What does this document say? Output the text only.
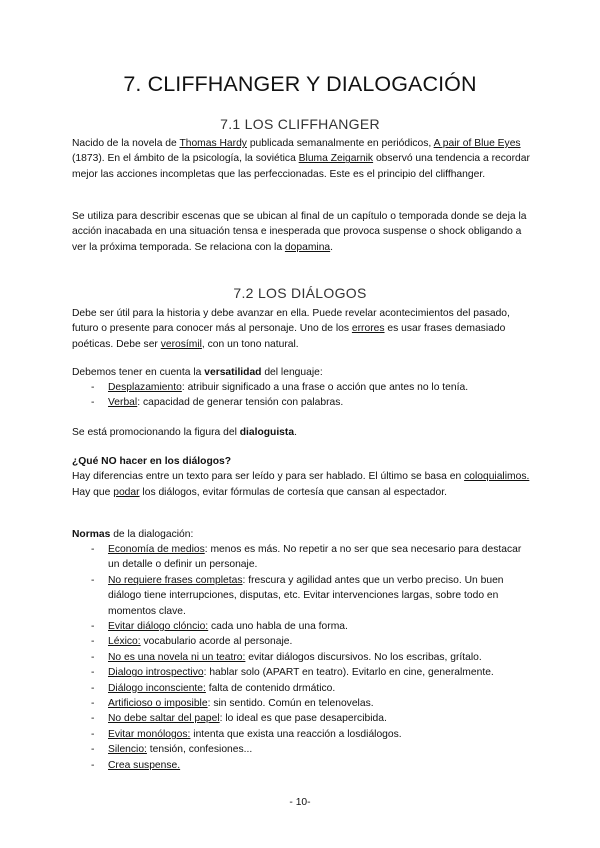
7. CLIFFHANGER Y DIALOGACIÓN
7.1 LOS CLIFFHANGER

Nacido de la novela de Thomas Hardy publicada semanalmente en periódicos, A pair of Blue Eyes (1873). En el ámbito de la psicología, la soviética Bluma Zeigarnik observó una tendencia a recordar mejor las acciones incompletas que las perfeccionadas. Este es el principio del cliffhanger.

Se utiliza para describir escenas que se ubican al final de un capítulo o temporada donde se deja la acción inacabada en una situación tensa e inesperada que provoca suspense o shock obligando a ver la próxima temporada. Se relaciona con la dopamina.

7.2 LOS DIÁLOGOS

Debe ser útil para la historia y debe avanzar en ella. Puede revelar acontecimientos del pasado, futuro o presente para conocer más al personaje. Uno de los errores es usar frases demasiado poéticas. Debe ser verosímil, con un tono natural.

Debemos tener en cuenta la versatilidad del lenguaje:

- Desplazamiento: atribuir significado a una frase o acción que antes no lo tenía.
- Verbal: capacidad de generar tensión con palabras.

Se está promocionando la figura del dialoguista.

¿Qué NO hacer en los diálogos?
Hay diferencias entre un texto para ser leído y para ser hablado. El último se basa en coloquialimos. Hay que podar los diálogos, evitar fórmulas de cortesía que cansan al espectador.

Normas de la dialogación:

- Economía de medios: menos es más. No repetir a no ser que sea necesario para destacar un detalle o definir un personaje.
- No requiere frases completas: frescura y agilidad antes que un verbo preciso. Un buen diálogo tiene interrupciones, disputas, etc. Evitar intervenciones largas, sobre todo en momentos clave.
- Evitar diálogo clóncio: cada uno habla de una forma.
- Léxico: vocabulario acorde al personaje.
- No es una novela ni un teatro: evitar diálogos discursivos. No los escribas, grítalo.
- Dialogo introspectivo: hablar solo (APART en teatro). Evitarlo en cine, generalmente.
- Diálogo inconsciente: falta de contenido drmático.
- Artificioso o imposible: sin sentido. Común en telenovelas.
- No debe saltar del papel: lo ideal es que pase desapercibida.
- Evitar monólogos: intenta que exista una reacción a losdiálogos.
- Silencio: tensión, confesiones...
- Crea suspense.
- 10-
